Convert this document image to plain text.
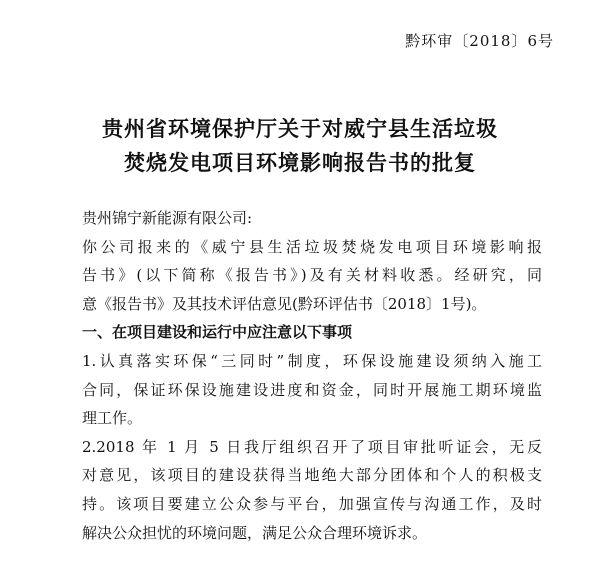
黔环审〔2018〕6号
贵州省环境保护厅关于对威宁县生活垃圾
焚烧发电项目环境影响报告书的批复

贵州锦宁新能源有限公司:

你公司报来的《威宁县生活垃圾焚烧发电项目环境影响报

告书》(以下简称《报告书》)及有关材料收悉。经研究，同

意《报告书》及其技术评估意见(黔环评估书〔2018〕1号)。

一、在项目建设和运行中应注意以下事项

1.认真落实环保“三同时”制度，环保设施建设须纳入施工

合同，保证环保设施建设进度和资金，同时开展施工期环境监

理工作。

2.2018 年 1 月 5 日我厅组织召开了项目审批听证会，无反

对意见，该项目的建设获得当地绝大部分团体和个人的积极支

持。该项目要建立公众参与平台，加强宣传与沟通工作，及时

解决公众担忧的环境问题，满足公众合理环境诉求。
